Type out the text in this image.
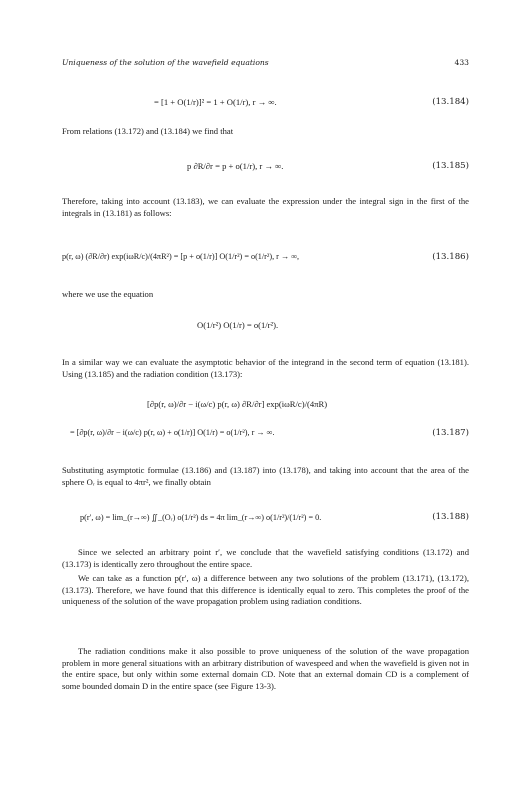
Uniqueness of the solution of the wavefield equations	433
= [1 + O(1/r)]² = 1 + O(1/r), r → ∞.	(13.184)
From relations (13.172) and (13.184) we find that
p ∂R/∂r = p + o(1/r), r → ∞.	(13.185)
Therefore, taking into account (13.183), we can evaluate the expression under the integral sign in the first of the integrals in (13.181) as follows:
p(r, ω) (∂R/∂r) exp(iωR/c)/(4πR²) = [p + o(1/r)] O(1/r²) = o(1/r²), r → ∞,	(13.186)
where we use the equation
O(1/r²) O(1/r) = o(1/r²).
In a similar way we can evaluate the asymptotic behavior of the integrand in the second term of equation (13.181). Using (13.185) and the radiation condition (13.173):
[∂p(r, ω)/∂r − i(ω/c) p(r, ω) ∂R/∂r] exp(iωR/c)/(4πR)
= [∂p(r, ω)/∂r − i(ω/c) p(r, ω) + o(1/r)] O(1/r) = o(1/r²), r → ∞.	(13.187)
Substituting asymptotic formulae (13.186) and (13.187) into (13.178), and taking into account that the area of the sphere Oᵣ is equal to 4πr², we finally obtain
p(r′, ω) = lim_(r→∞) ∬_(Oᵣ) o(1/r²) ds = 4π lim_(r→∞) o(1/r²)/(1/r²) = 0.	(13.188)
Since we selected an arbitrary point r′, we conclude that the wavefield satisfying conditions (13.172) and (13.173) is identically zero throughout the entire space.
We can take as a function p(r′, ω) a difference between any two solutions of the problem (13.171), (13.172), (13.173). Therefore, we have found that this difference is identically equal to zero. This completes the proof of the uniqueness of the solution of the wave propagation problem using radiation conditions.
The radiation conditions make it also possible to prove uniqueness of the solution of the wave propagation problem in more general situations with an arbitrary distribution of wavespeed and when the wavefield is given not in the entire space, but only within some external domain CD. Note that an external domain CD is a complement of some bounded domain D in the entire space (see Figure 13-3).
